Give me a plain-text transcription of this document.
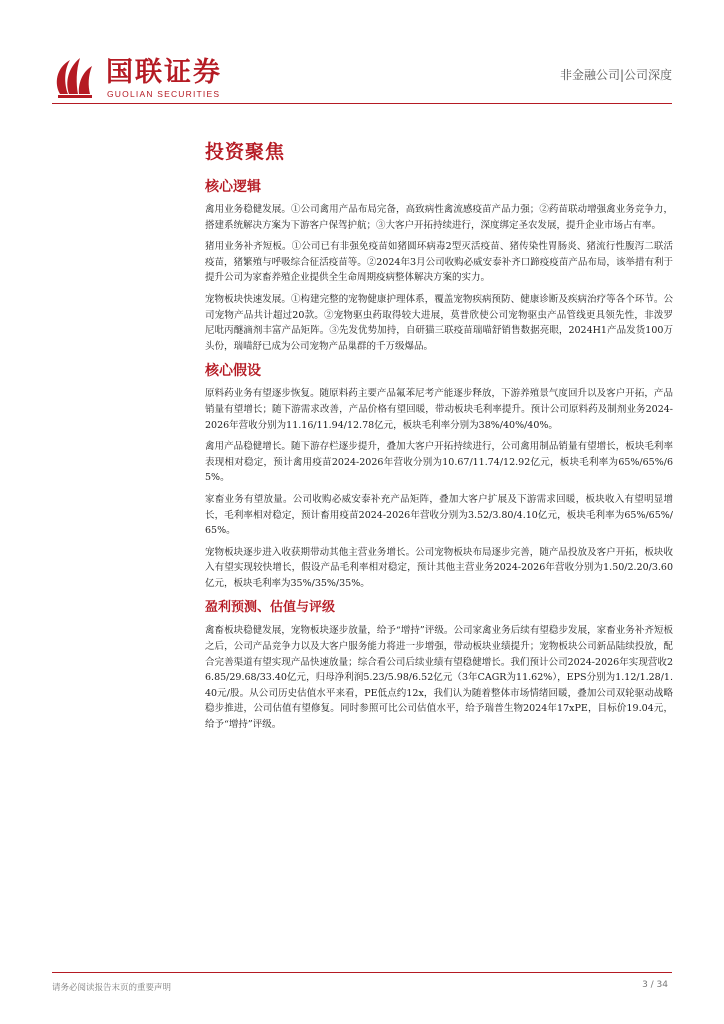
国联证券
GUOLIAN SECURITIES
非金融公司|公司深度
投资聚焦
核心逻辑

禽用业务稳健发展。①公司禽用产品布局完备，高致病性禽流感疫苗产品力强；②药苗联动增强禽业务竞争力，搭建系统解决方案为下游客户保驾护航；③大客户开拓持续进行，深度绑定圣农发展，提升企业市场占有率。

猪用业务补齐短板。①公司已有非强免疫苗如猪圆环病毒2型灭活疫苗、猪传染性胃肠炎、猪流行性腹泻二联活疫苗，猪繁殖与呼吸综合征活疫苗等。②2024年3月公司收购必威安泰补齐口蹄疫疫苗产品布局，该举措有利于提升公司为家畜养殖企业提供全生命周期疫病整体解决方案的实力。

宠物板块快速发展。①构建完整的宠物健康护理体系，覆盖宠物疾病预防、健康诊断及疾病治疗等各个环节。公司宠物产品共计超过20款。②宠物驱虫药取得较大进展，莫普欣使公司宠物驱虫产品管线更具领先性，非泼罗尼吡丙醚滴剂丰富产品矩阵。③先发优势加持，自研猫三联疫苗瑞喵舒销售数据亮眼，2024H1产品发货100万头份，瑞喵舒已成为公司宠物产品巢群的千万级爆品。

核心假设

原料药业务有望逐步恢复。随原料药主要产品氟苯尼考产能逐步释放，下游养殖景气度回升以及客户开拓，产品销量有望增长；随下游需求改善，产品价格有望回暖，带动板块毛利率提升。预计公司原料药及制剂业务2024-2026年营收分别为11.16/11.94/12.78亿元，板块毛利率分别为38%/40%/40%。

禽用产品稳健增长。随下游存栏逐步提升，叠加大客户开拓持续进行，公司禽用制品销量有望增长，板块毛利率表现相对稳定，预计禽用疫苗2024-2026年营收分别为10.67/11.74/12.92亿元，板块毛利率为65%/65%/65%。

家畜业务有望放量。公司收购必威安泰补充产品矩阵，叠加大客户扩展及下游需求回暖，板块收入有望明显增长，毛利率相对稳定，预计畜用疫苗2024-2026年营收分别为3.52/3.80/4.10亿元，板块毛利率为65%/65%/65%。

宠物板块逐步进入收获期带动其他主营业务增长。公司宠物板块布局逐步完善，随产品投放及客户开拓，板块收入有望实现较快增长，假设产品毛利率相对稳定，预计其他主营业务2024-2026年营收分别为1.50/2.20/3.60亿元，板块毛利率为35%/35%/35%。

盈利预测、估值与评级

禽畜板块稳健发展，宠物板块逐步放量，给予“增持”评级。公司家禽业务后续有望稳步发展，家畜业务补齐短板之后，公司产品竞争力以及大客户服务能力将进一步增强，带动板块业绩提升；宠物板块公司新品陆续投放，配合完善渠道有望实现产品快速放量；综合看公司后续业绩有望稳健增长。我们预计公司2024-2026年实现营收26.85/29.68/33.40亿元，归母净利润5.23/5.98/6.52亿元（3年CAGR为11.62%），EPS分别为1.12/1.28/1.40元/股。从公司历史估值水平来看，PE低点约12x，我们认为随着整体市场情绪回暖，叠加公司双轮驱动战略稳步推进，公司估值有望修复。同时参照可比公司估值水平，给予瑞普生物2024年17xPE，目标价19.04元，给予“增持”评级。

请务必阅读报告末页的重要声明	3 / 34
